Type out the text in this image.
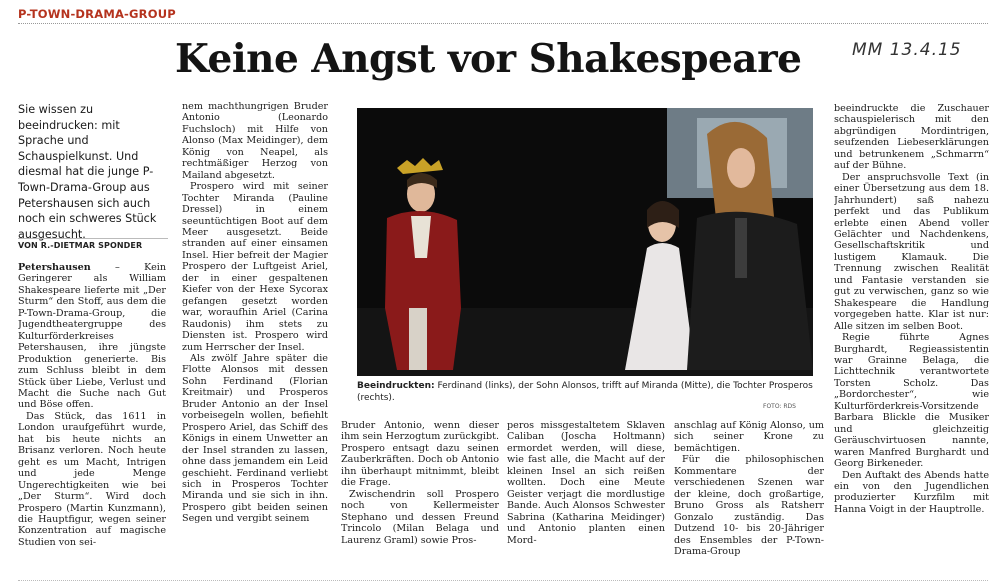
P-TOWN-DRAMA-GROUP
Keine Angst vor Shakespeare	MM 13.4.15
Sie wissen zu beeindrucken: mit Sprache und Schauspielkunst. Und diesmal hat die junge P-Town-Drama-Group aus Petershausen sich auch noch ein schweres Stück ausgesucht.
VON R.-DIETMAR SPONDER

Petershausen – Kein Geringerer als William Shakespeare lieferte mit „Der Sturm“ den Stoff, aus dem die P-Town-Drama-Group, die Jugendtheatergruppe des Kulturförderkreises Petershausen, ihre jüngste Produktion generierte. Bis zum Schluss bleibt in dem Stück über Liebe, Verlust und Macht die Suche nach Gut und Böse offen.

Das Stück, das 1611 in London uraufgeführt wurde, hat bis heute nichts an Brisanz verloren. Noch heute geht es um Macht, Intrigen und jede Menge Ungerechtigkeiten wie bei „Der Sturm“. Wird doch Prospero (Martin Kunzmann), die Hauptfigur, wegen seiner Konzentration auf magische Studien von sei-

nem machthungrigen Bruder Antonio (Leonardo Fuchsloch) mit Hilfe von Alonso (Max Meidinger), dem König von Neapel, als rechtmäßiger Herzog von Mailand abgesetzt.

Prospero wird mit seiner Tochter Miranda (Pauline Dressel) in einem seeuntüchtigen Boot auf dem Meer ausgesetzt. Beide stranden auf einer einsamen Insel. Hier befreit der Magier Prospero der Luftgeist Ariel, der in einer gespaltenen Kiefer von der Hexe Sycorax gefangen gesetzt worden war, woraufhin Ariel (Carina Raudonis) ihm stets zu Diensten ist. Prospero wird zum Herrscher der Insel.

Als zwölf Jahre später die Flotte Alonsos mit dessen Sohn Ferdinand (Florian Kreitmair) und Prosperos Bruder Antonio an der Insel vorbeisegeln wollen, befiehlt Prospero Ariel, das Schiff des Königs in einem Unwetter an der Insel stranden zu lassen, ohne dass jemandem ein Leid geschieht. Ferdinand verliebt sich in Prosperos Tochter Miranda und sie sich in ihn. Prospero gibt beiden seinen Segen und vergibt seinem

Beeindruckten: Ferdinand (links), der Sohn Alonsos, trifft auf Miranda (Mitte), die Tochter Prosperos (rechts).
FOTO: RDS

Bruder Antonio, wenn dieser ihm sein Herzogtum zurückgibt. Prospero entsagt dazu seinen Zauberkräften. Doch ob Antonio ihn überhaupt mitnimmt, bleibt die Frage.

Zwischendrin soll Prospero noch von Kellermeister Stephano und dessen Freund Trincolo (Milan Belaga und Laurenz Graml) sowie Pros-

peros missgestaltetem Sklaven Caliban (Joscha Holtmann) ermordet werden, will diese, wie fast alle, die Macht auf der kleinen Insel an sich reißen wollten. Doch eine Meute Geister verjagt die mordlustige Bande. Auch Alonsos Schwester Sabrina (Katharina Meidinger) und Antonio planten einen Mord-

anschlag auf König Alonso, um sich seiner Krone zu bemächtigen.

Für die philosophischen Kommentare der verschiedenen Szenen war der kleine, doch großartige, Bruno Gross als Ratsherr Gonzalo zuständig. Das Dutzend 10- bis 20-Jähriger des Ensembles der P-Town-Drama-Group

beeindruckte die Zuschauer schauspielerisch mit den abgründigen Mordintrigen, seufzenden Liebeserklärungen und betrunkenem „Schmarrn“ auf der Bühne.

Der anspruchsvolle Text (in einer Übersetzung aus dem 18. Jahrhundert) saß nahezu perfekt und das Publikum erlebte einen Abend voller Gelächter und Nachdenkens, Gesellschaftskritik und lustigem Klamauk. Die Trennung zwischen Realität und Fantasie verstanden sie gut zu verwischen, ganz so wie Shakespeare die Handlung vorgegeben hatte. Klar ist nur: Alle sitzen im selben Boot.

Regie führte Agnes Burghardt, Regieassistentin war Grainne Belaga, die Lichttechnik verantwortete Torsten Scholz. Das „Bordorchester“, wie Kulturförderkreis-Vorsitzende Barbara Blickle die Musiker und gleichzeitig Geräuschvirtuosen nannte, waren Manfred Burghardt und Georg Birkeneder.

Den Auftakt des Abends hatte ein von den Jugendlichen produzierter Kurzfilm mit Hanna Voigt in der Hauptrolle.
